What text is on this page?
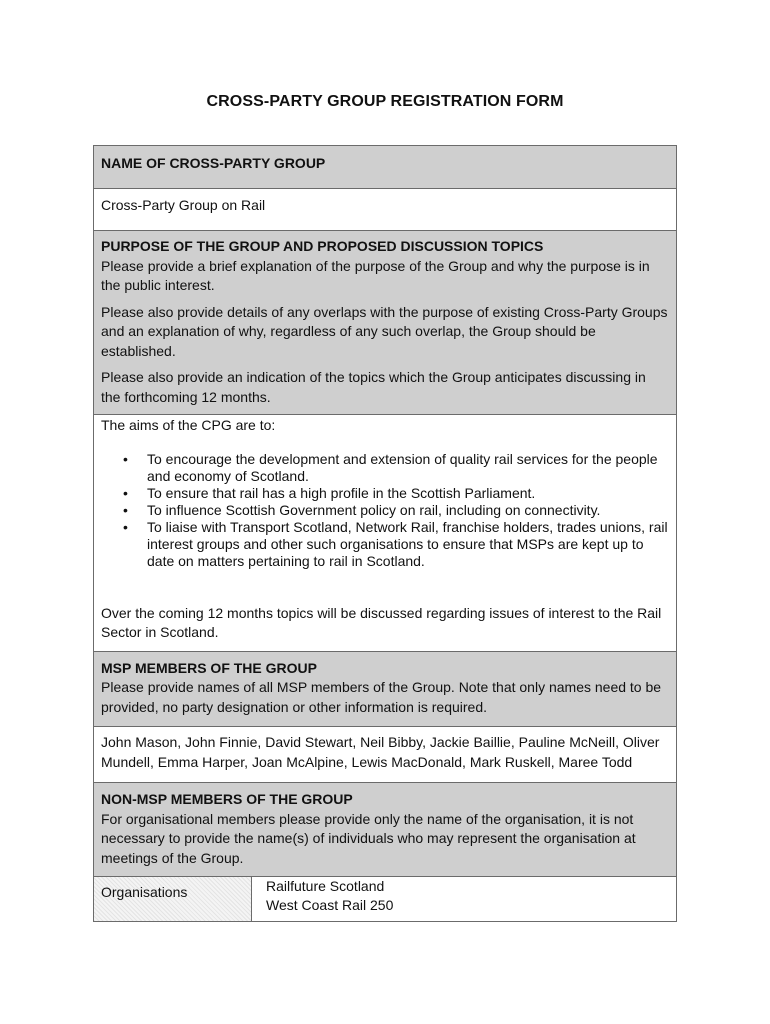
CROSS-PARTY GROUP REGISTRATION FORM
NAME OF CROSS-PARTY GROUP
Cross-Party Group on Rail

PURPOSE OF THE GROUP AND PROPOSED DISCUSSION TOPICS

Please provide a brief explanation of the purpose of the Group and why the purpose is in the public interest.

Please also provide details of any overlaps with the purpose of existing Cross-Party Groups and an explanation of why, regardless of any such overlap, the Group should be established.

Please also provide an indication of the topics which the Group anticipates discussing in the forthcoming 12 months.

The aims of the CPG are to:

• To encourage the development and extension of quality rail services for the people and economy of Scotland.
• To ensure that rail has a high profile in the Scottish Parliament.
• To influence Scottish Government policy on rail, including on connectivity.
• To liaise with Transport Scotland, Network Rail, franchise holders, trades unions, rail interest groups and other such organisations to ensure that MSPs are kept up to date on matters pertaining to rail in Scotland.

Over the coming 12 months topics will be discussed regarding issues of interest to the Rail Sector in Scotland.

MSP MEMBERS OF THE GROUP

Please provide names of all MSP members of the Group. Note that only names need to be provided, no party designation or other information is required.

John Mason, John Finnie, David Stewart, Neil Bibby, Jackie Baillie, Pauline McNeill, Oliver Mundell, Emma Harper, Joan McAlpine, Lewis MacDonald, Mark Ruskell, Maree Todd

NON-MSP MEMBERS OF THE GROUP

For organisational members please provide only the name of the organisation, it is not necessary to provide the name(s) of individuals who may represent the organisation at meetings of the Group.

Organisations	Railfuture Scotland

West Coast Rail 250
